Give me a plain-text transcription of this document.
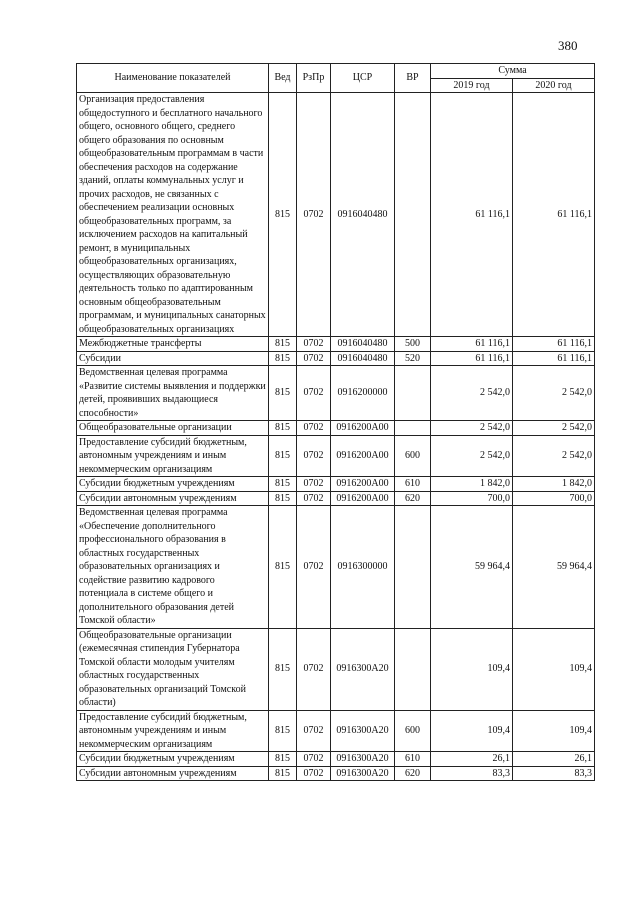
380
Наименование показателей	Вед	РзПр	ЦСР	ВР	Сумма	
					2019 год	2020 год
Организация предоставления общедоступного и бесплатного начального общего, основного общего, среднего общего образования по основным общеобразовательным программам в части обеспечения расходов на содержание зданий, оплаты коммунальных услуг и прочих расходов, не связанных с обеспечением реализации основных общеобразовательных программ, за исключением расходов на капитальный ремонт, в муниципальных общеобразовательных организациях, осуществляющих образовательную деятельность только по адаптированным основным общеобразовательным программам, и муниципальных санаторных общеобразовательных организациях	815	0702	0916040480		61 116,1	61 116,1
Межбюджетные трансферты	815	0702	0916040480	500	61 116,1	61 116,1
Субсидии	815	0702	0916040480	520	61 116,1	61 116,1
Ведомственная целевая программа «Развитие системы выявления и поддержки детей, проявивших выдающиеся способности»	815	0702	0916200000		2 542,0	2 542,0
Общеобразовательные организации	815	0702	0916200А00		2 542,0	2 542,0
Предоставление субсидий бюджетным, автономным учреждениям и иным некоммерческим организациям	815	0702	0916200А00	600	2 542,0	2 542,0
Субсидии бюджетным учреждениям	815	0702	0916200А00	610	1 842,0	1 842,0
Субсидии автономным учреждениям	815	0702	0916200А00	620	700,0	700,0
Ведомственная целевая программа «Обеспечение дополнительного профессионального образования в областных государственных образовательных организациях и содействие развитию кадрового потенциала в системе общего и дополнительного образования детей Томской области»	815	0702	0916300000		59 964,4	59 964,4
Общеобразовательные организации (ежемесячная стипендия Губернатора Томской области молодым учителям областных государственных образовательных организаций Томской области)	815	0702	0916300А20		109,4	109,4
Предоставление субсидий бюджетным, автономным учреждениям и иным некоммерческим организациям	815	0702	0916300А20	600	109,4	109,4
Субсидии бюджетным учреждениям	815	0702	0916300А20	610	26,1	26,1
Субсидии автономным учреждениям	815	0702	0916300А20	620	83,3	83,3
